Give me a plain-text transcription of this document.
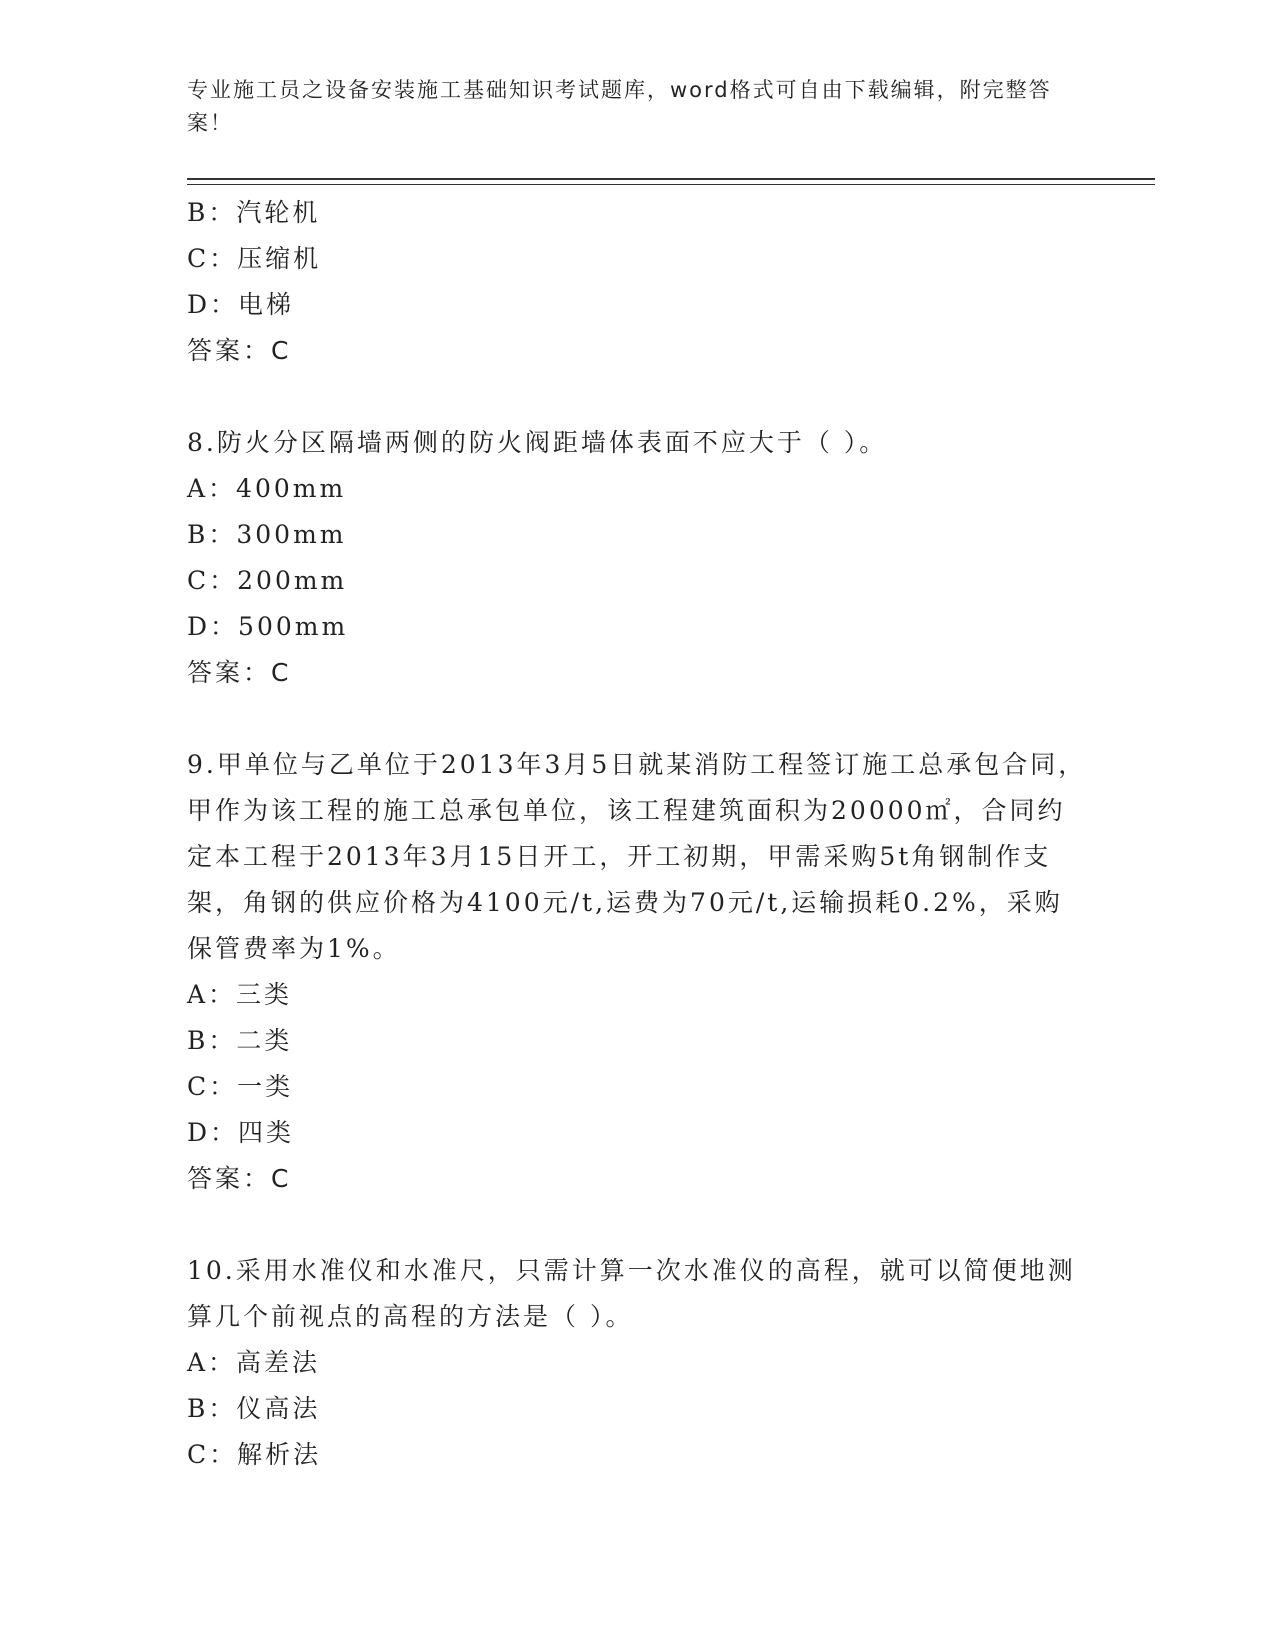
专业施工员之设备安装施工基础知识考试题库，word格式可自由下载编辑，附完整答案！
B：汽轮机
C：压缩机
D：电梯
答案：C
8.防火分区隔墙两侧的防火阀距墙体表面不应大于（ ）。
A：400mm
B：300mm
C：200mm
D：500mm
答案：C
9.甲单位与乙单位于2013年3月5日就某消防工程签订施工总承包合同，甲作为该工程的施工总承包单位，该工程建筑面积为20000㎡，合同约定本工程于2013年3月15日开工，开工初期，甲需采购5t角钢制作支架，角钢的供应价格为4100元/t,运费为70元/t,运输损耗0.2%，采购保管费率为1%。
A：三类
B：二类
C：一类
D：四类
答案：C
10.采用水准仪和水准尺，只需计算一次水准仪的高程，就可以简便地测算几个前视点的高程的方法是（ ）。
A：高差法
B：仪高法
C：解析法
